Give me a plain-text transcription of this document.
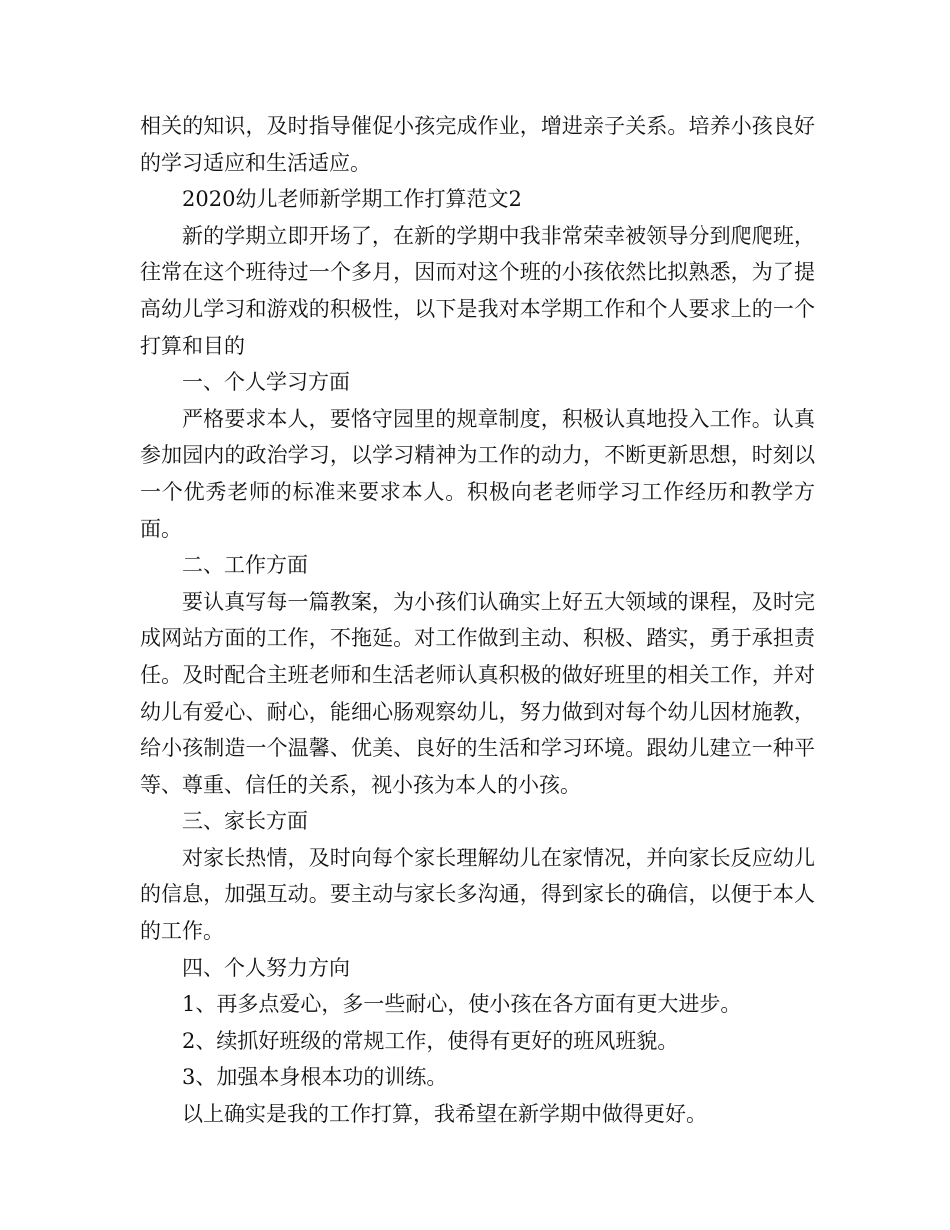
相关的知识，及时指导催促小孩完成作业，增进亲子关系。培养小孩良好的学习适应和生活适应。

2020幼儿老师新学期工作打算范文2

新的学期立即开场了，在新的学期中我非常荣幸被领导分到爬爬班，往常在这个班待过一个多月，因而对这个班的小孩依然比拟熟悉，为了提高幼儿学习和游戏的积极性，以下是我对本学期工作和个人要求上的一个打算和目的

一、个人学习方面

严格要求本人，要恪守园里的规章制度，积极认真地投入工作。认真参加园内的政治学习，以学习精神为工作的动力，不断更新思想，时刻以一个优秀老师的标准来要求本人。积极向老老师学习工作经历和教学方面。

二、工作方面

要认真写每一篇教案，为小孩们认确实上好五大领域的课程，及时完成网站方面的工作，不拖延。对工作做到主动、积极、踏实，勇于承担责任。及时配合主班老师和生活老师认真积极的做好班里的相关工作，并对幼儿有爱心、耐心，能细心肠观察幼儿，努力做到对每个幼儿因材施教，给小孩制造一个温馨、优美、良好的生活和学习环境。跟幼儿建立一种平等、尊重、信任的关系，视小孩为本人的小孩。

三、家长方面

对家长热情，及时向每个家长理解幼儿在家情况，并向家长反应幼儿的信息，加强互动。要主动与家长多沟通，得到家长的确信，以便于本人的工作。

四、个人努力方向

1、再多点爱心，多一些耐心，使小孩在各方面有更大进步。

2、续抓好班级的常规工作，使得有更好的班风班貌。

3、加强本身根本功的训练。

以上确实是我的工作打算，我希望在新学期中做得更好。
